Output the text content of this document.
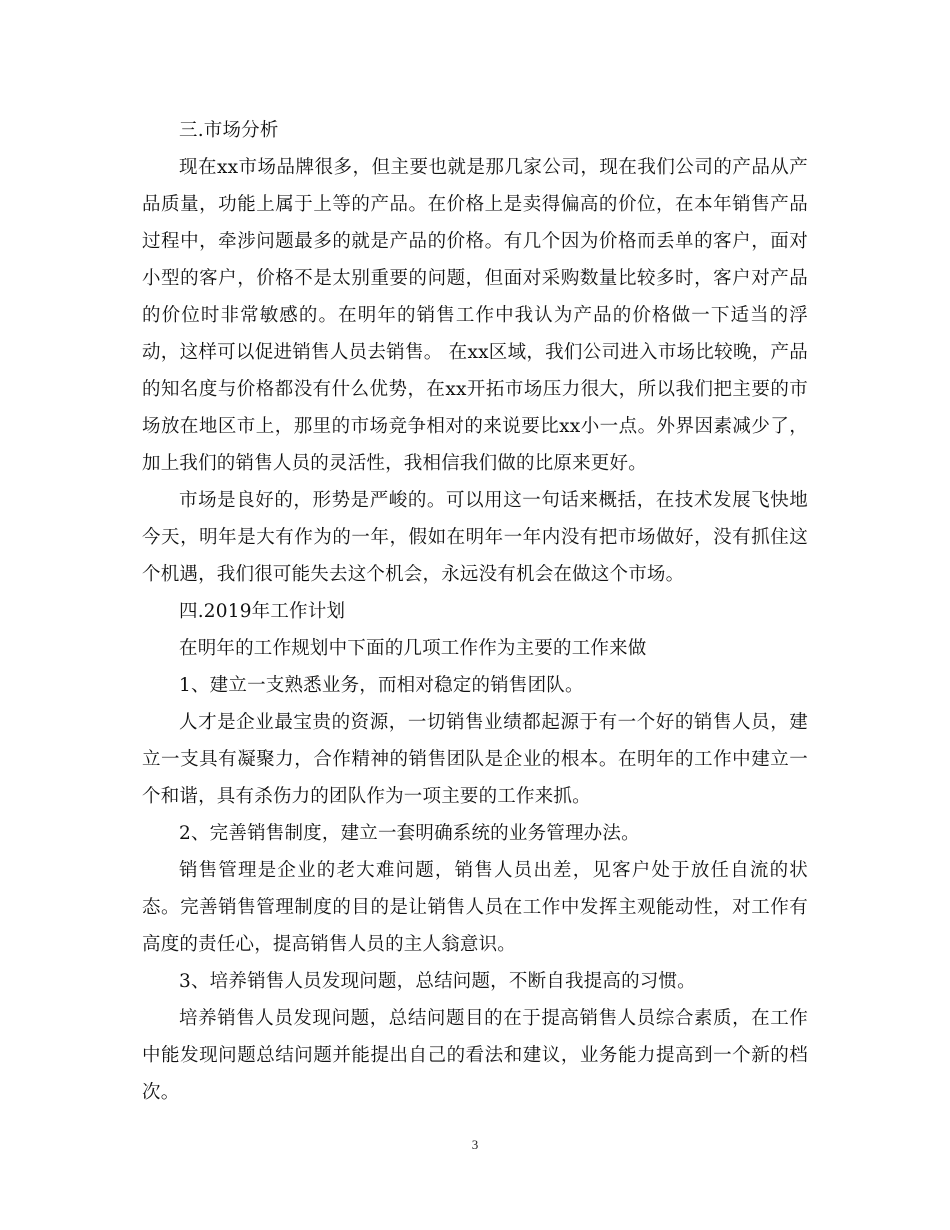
三.市场分析

现在xx市场品牌很多，但主要也就是那几家公司，现在我们公司的产品从产品质量，功能上属于上等的产品。在价格上是卖得偏高的价位，在本年销售产品过程中，牵涉问题最多的就是产品的价格。有几个因为价格而丢单的客户，面对小型的客户，价格不是太别重要的问题，但面对采购数量比较多时，客户对产品的价位时非常敏感的。在明年的销售工作中我认为产品的价格做一下适当的浮动，这样可以促进销售人员去销售。 在xx区域，我们公司进入市场比较晚，产品的知名度与价格都没有什么优势，在xx开拓市场压力很大，所以我们把主要的市场放在地区市上，那里的市场竞争相对的来说要比xx小一点。外界因素减少了，加上我们的销售人员的灵活性，我相信我们做的比原来更好。

市场是良好的，形势是严峻的。可以用这一句话来概括，在技术发展飞快地今天，明年是大有作为的一年，假如在明年一年内没有把市场做好，没有抓住这个机遇，我们很可能失去这个机会，永远没有机会在做这个市场。

四.2019年工作计划

在明年的工作规划中下面的几项工作作为主要的工作来做

1、建立一支熟悉业务，而相对稳定的销售团队。

人才是企业最宝贵的资源，一切销售业绩都起源于有一个好的销售人员，建立一支具有凝聚力，合作精神的销售团队是企业的根本。在明年的工作中建立一个和谐，具有杀伤力的团队作为一项主要的工作来抓。

2、完善销售制度，建立一套明确系统的业务管理办法。

销售管理是企业的老大难问题，销售人员出差，见客户处于放任自流的状态。完善销售管理制度的目的是让销售人员在工作中发挥主观能动性，对工作有高度的责任心，提高销售人员的主人翁意识。

3、培养销售人员发现问题，总结问题，不断自我提高的习惯。

培养销售人员发现问题，总结问题目的在于提高销售人员综合素质，在工作中能发现问题总结问题并能提出自己的看法和建议，业务能力提高到一个新的档次。

3
